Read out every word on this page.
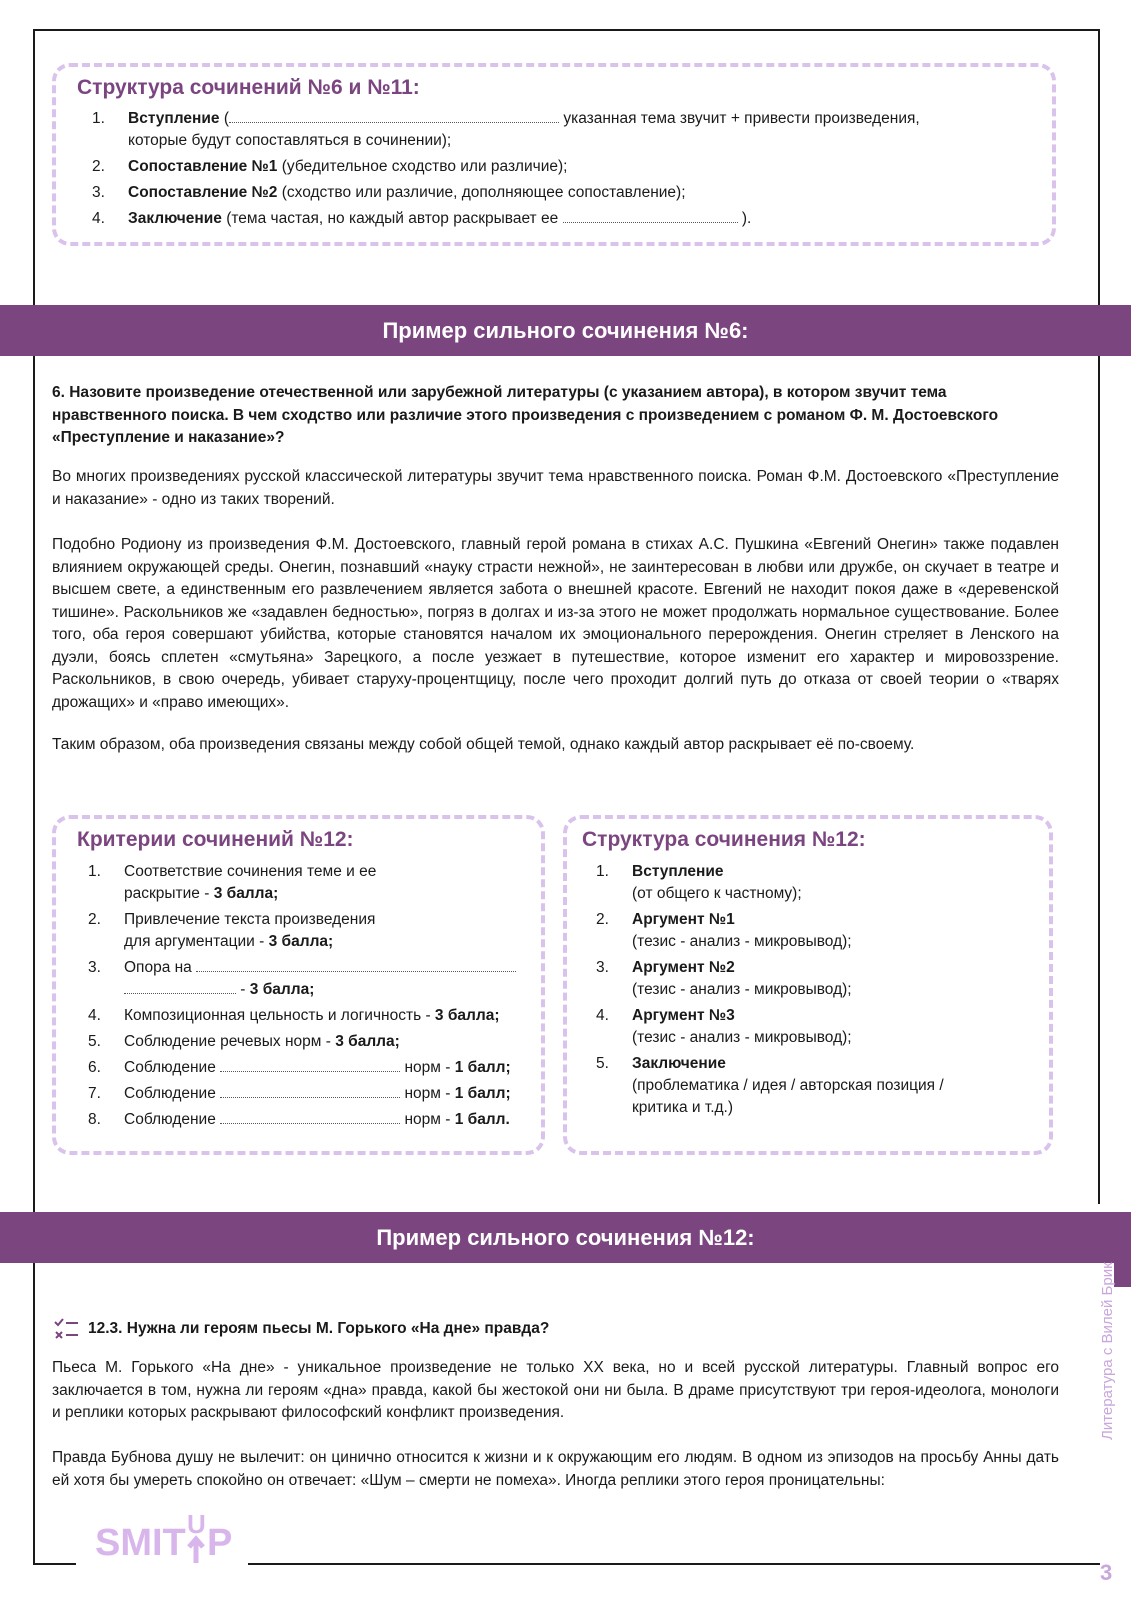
Структура сочинений №6 и №11:
1.	Вступление (	указанная тема звучит + привести произведения,
которые будут сопоставляться в сочинении);
2.	Сопоставление №1 (убедительное сходство или различие);
3.	Сопоставление №2 (сходство или различие, дополняющее сопоставление);
4.	Заключение (тема частая, но каждый автор раскрывает ее	).
Пример сильного сочинения №6:
6. Назовите произведение отечественной или зарубежной литературы (с указанием автора), в котором звучит тема нравственного поиска. В чем сходство или различие этого произведения с произведением с романом Ф. М. Достоевского «Преступление и наказание»?
Во многих произведениях русской классической литературы звучит тема нравственного поиска. Роман Ф.М. Достоевского «Преступление и наказание» - одно из таких творений.
Подобно Родиону из произведения Ф.М. Достоевского, главный герой романа в стихах А.С. Пушкина «Евгений Онегин» также подавлен влиянием окружающей среды. Онегин, познавший «науку страсти нежной», не заинтересован в любви или дружбе, он скучает в театре и высшем свете, а единственным его развлечением является забота о внешней красоте. Евгений не находит покоя даже в «деревенской тишине». Раскольников же «задавлен бедностью», погряз в долгах и из-за этого не может продолжать нормальное существование. Более того, оба героя совершают убийства, которые становятся началом их эмоционального перерождения. Онегин стреляет в Ленского на дуэли, боясь сплетен «смутьяна» Зарецкого, а после уезжает в путешествие, которое изменит его характер и мировоззрение. Раскольников, в свою очередь, убивает старуху-процентщицу, после чего проходит долгий путь до отказа от своей теории о «тварях дрожащих» и «право имеющих».
Таким образом, оба произведения связаны между собой общей темой, однако каждый автор раскрывает её по-своему.
Критерии сочинений №12:
1.	Соответствие сочинения теме и ее
раскрытие - 3 балла;
2.	Привлечение текста произведения
для аргументации - 3 балла;
3.	Опора на
- 3 балла;
4.	Композиционная цельность и логичность - 3 балла;
5.	Соблюдение речевых норм - 3 балла;
6.	Соблюдение	норм - 1 балл;
7.	Соблюдение	норм - 1 балл;
8.	Соблюдение	норм - 1 балл.
Структура сочинения №12:
1.	Вступление
(от общего к частному);
2.	Аргумент №1
(тезис - анализ - микровывод);
3.	Аргумент №2
(тезис - анализ - микровывод);
4.	Аргумент №3
(тезис - анализ - микровывод);
5.	Заключение
(проблематика / идея / авторская позиция /
критика и т.д.)
Пример сильного сочинения №12:
12.3. Нужна ли героям пьесы М. Горького «На дне» правда?
Пьеса М. Горького «На дне» - уникальное произведение не только XX века, но и всей русской литературы. Главный вопрос его заключается в том, нужна ли героям «дна» правда, какой бы жестокой они ни была. В драме присутствуют три героя-идеолога, монологи и реплики которых раскрывают философский конфликт произведения.
Правда Бубнова душу не вылечит: он цинично относится к жизни и к окружающим его людям. В одном из эпизодов на просьбу Анны дать ей хотя бы умереть спокойно он отвечает: «Шум – смерти не помеха». Иногда реплики этого героя проницательны:
Литература с Вилей Брик
3
SMIT U P
